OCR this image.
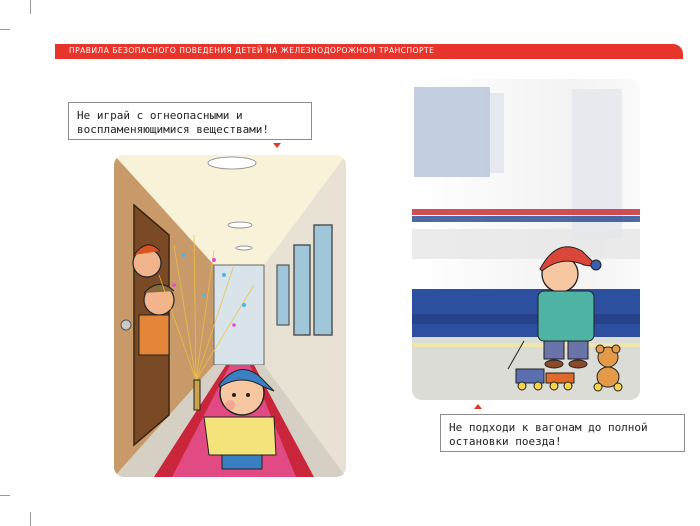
ПРАВИЛА БЕЗОПАСНОГО ПОВЕДЕНИЯ ДЕТЕЙ НА ЖЕЛЕЗНОДОРОЖНОМ ТРАНСПОРТЕ
Не играй с огнеопасными и
воспламеняющимися веществами!
Не подходи к вагонам до полной
остановки поезда!
